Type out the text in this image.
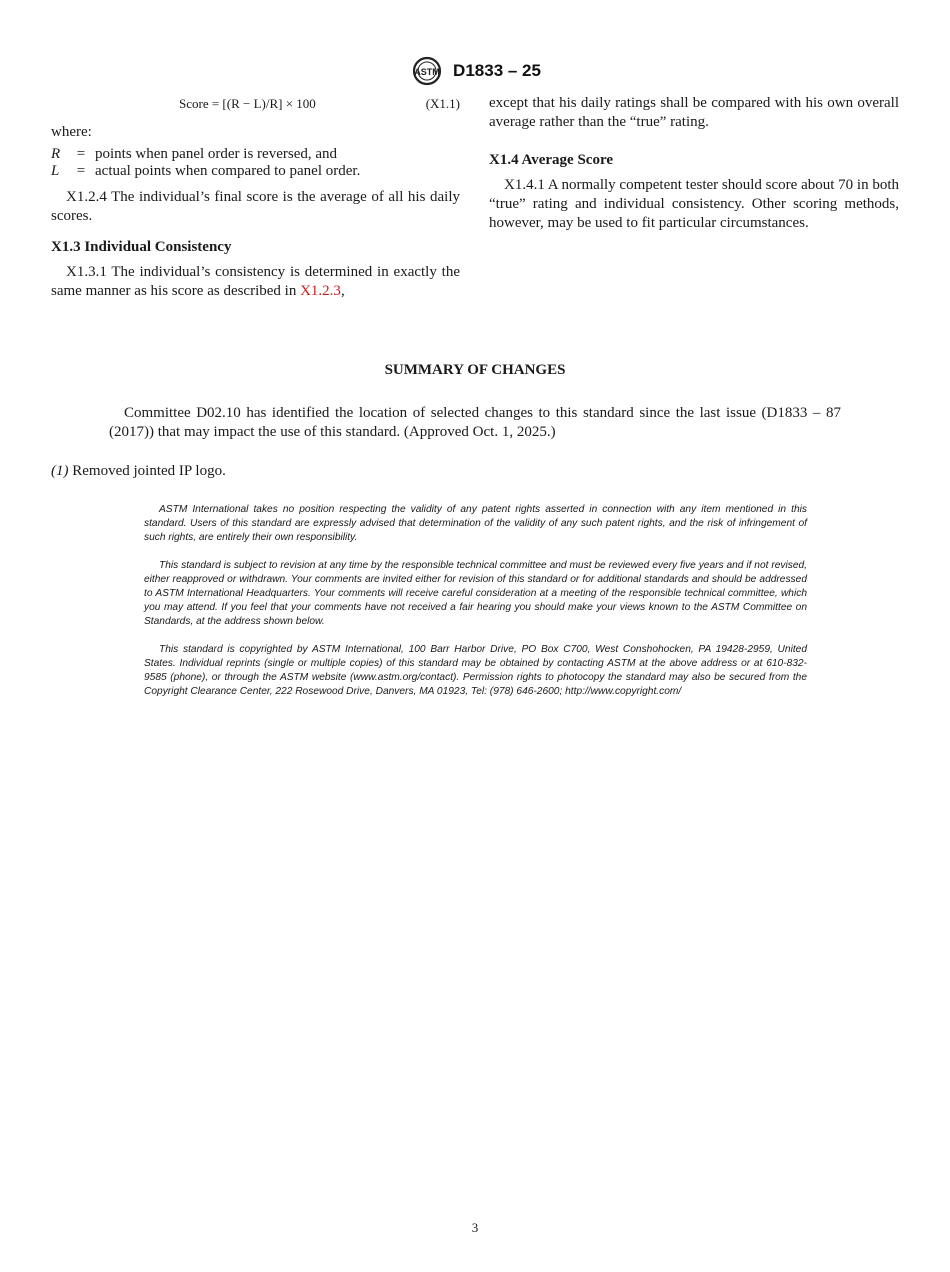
ASTM D1833 – 25
Score = [(R − L)/R] × 100	(X1.1)
where:
R	= points when panel order is reversed, and
L	= actual points when compared to panel order.

X1.2.4 The individual’s final score is the average of all his daily scores.

X1.3 Individual Consistency

X1.3.1 The individual’s consistency is determined in exactly the same manner as his score as described in X1.2.3,

except that his daily ratings shall be compared with his own overall average rather than the “true” rating.

X1.4 Average Score

X1.4.1 A normally competent tester should score about 70 in both “true” rating and individual consistency. Other scoring methods, however, may be used to fit particular circumstances.

SUMMARY OF CHANGES
Committee D02.10 has identified the location of selected changes to this standard since the last issue (D1833 – 87 (2017)) that may impact the use of this standard. (Approved Oct. 1, 2025.)
(1) Removed jointed IP logo.

ASTM International takes no position respecting the validity of any patent rights asserted in connection with any item mentioned in this standard. Users of this standard are expressly advised that determination of the validity of any such patent rights, and the risk of infringement of such rights, are entirely their own responsibility.

This standard is subject to revision at any time by the responsible technical committee and must be reviewed every five years and if not revised, either reapproved or withdrawn. Your comments are invited either for revision of this standard or for additional standards and should be addressed to ASTM International Headquarters. Your comments will receive careful consideration at a meeting of the responsible technical committee, which you may attend. If you feel that your comments have not received a fair hearing you should make your views known to the ASTM Committee on Standards, at the address shown below.

This standard is copyrighted by ASTM International, 100 Barr Harbor Drive, PO Box C700, West Conshohocken, PA 19428-2959, United States. Individual reprints (single or multiple copies) of this standard may be obtained by contacting ASTM at the above address or at 610-832-9585 (phone), or through the ASTM website (www.astm.org/contact). Permission rights to photocopy the standard may also be secured from the Copyright Clearance Center, 222 Rosewood Drive, Danvers, MA 01923, Tel: (978) 646-2600; http://www.copyright.com/

3
